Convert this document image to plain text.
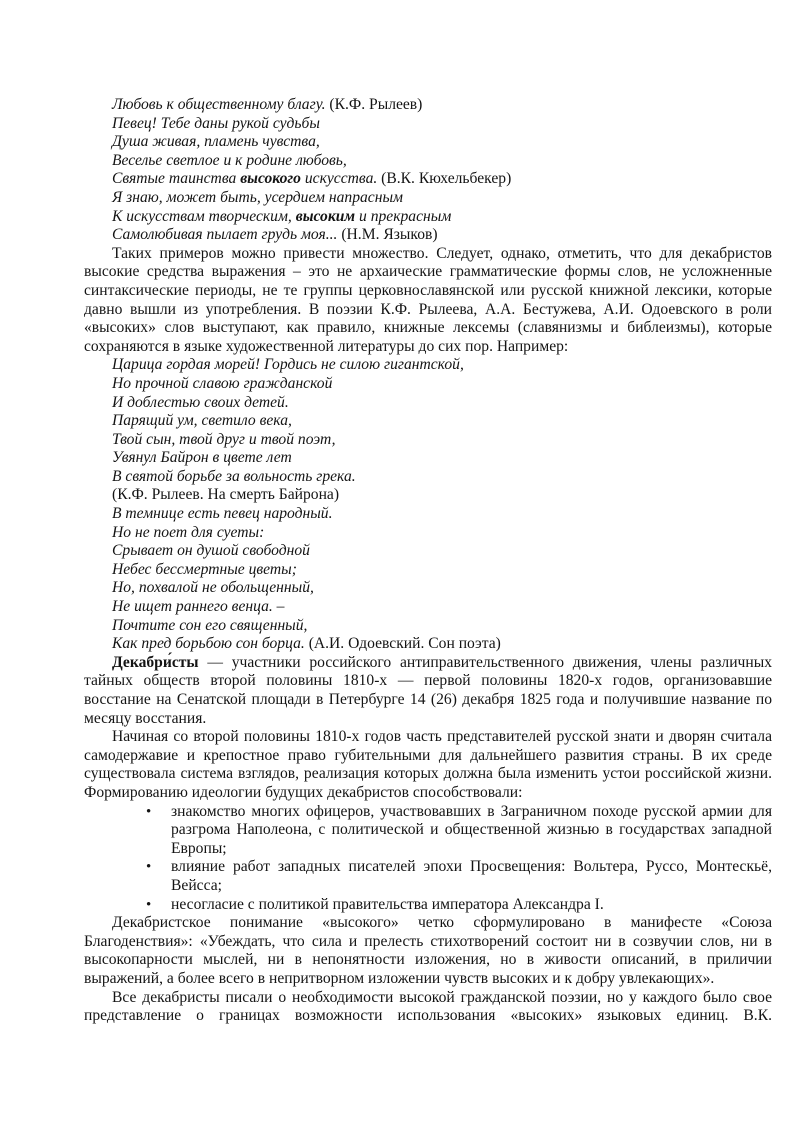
Любовь к общественному благу. (К.Ф. Рылеев)
Певец! Тебе даны рукой судьбы
Душа живая, пламень чувства,
Веселье светлое и к родине любовь,
Святые таинства высокого искусства. (В.К. Кюхельбекер)
Я знаю, может быть, усердием напрасным
К искусствам творческим, высоким и прекрасным
Самолюбивая пылает грудь моя... (Н.М. Языков)

Таких примеров можно привести множество. Следует, однако, отметить, что для декабристов высокие средства выражения – это не архаические грамматические формы слов, не усложненные синтаксические периоды, не те группы церковнославянской или русской книжной лексики, которые давно вышли из употребления. В поэзии К.Ф. Рылеева, А.А. Бестужева, А.И. Одоевского в роли «высоких» слов выступают, как правило, книжные лексемы (славянизмы и библеизмы), которые сохраняются в языке художественной литературы до сих пор. Например:

Царица гордая морей! Гордись не силою гигантской,
Но прочной славою гражданской
И доблестью своих детей.
Парящий ум, светило века,
Твой сын, твой друг и твой поэт,
Увянул Байрон в цвете лет
В святой борьбе за вольность грека.
(К.Ф. Рылеев. На смерть Байрона)
В темнице есть певец народный.
Но не поет для суеты:
Срывает он душой свободной
Небес бессмертные цветы;
Но, похвалой не обольщенный,
Не ищет раннего венца. –
Почтите сон его священный,
Как пред борьбою сон борца. (А.И. Одоевский. Сон поэта)

Декабри́сты — участники российского антиправительственного движения, члены различных тайных обществ второй половины 1810-х — первой половины 1820-х годов, организовавшие восстание на Сенатской площади в Петербурге 14 (26) декабря 1825 года и получившие название по месяцу восстания.

Начиная со второй половины 1810-х годов часть представителей русской знати и дворян считала самодержавие и крепостное право губительными для дальнейшего развития страны. В их среде существовала система взглядов, реализация которых должна была изменить устои российской жизни. Формированию идеологии будущих декабристов способствовали:

• знакомство многих офицеров, участвовавших в Заграничном походе русской армии для разгрома Наполеона, с политической и общественной жизнью в государствах западной Европы;
• влияние работ западных писателей эпохи Просвещения: Вольтера, Руссо, Монтескьё, Вейсса;
• несогласие с политикой правительства императора Александра I.

Декабристское понимание «высокого» четко сформулировано в манифесте «Союза Благоденствия»: «Убеждать, что сила и прелесть стихотворений состоит ни в созвучии слов, ни в высокопарности мыслей, ни в непонятности изложения, но в живости описаний, в приличии выражений, а более всего в непритворном изложении чувств высоких и к добру увлекающих».

Все декабристы писали о необходимости высокой гражданской поэзии, но у каждого было свое представление о границах возможности использования «высоких» языковых единиц. В.К.
